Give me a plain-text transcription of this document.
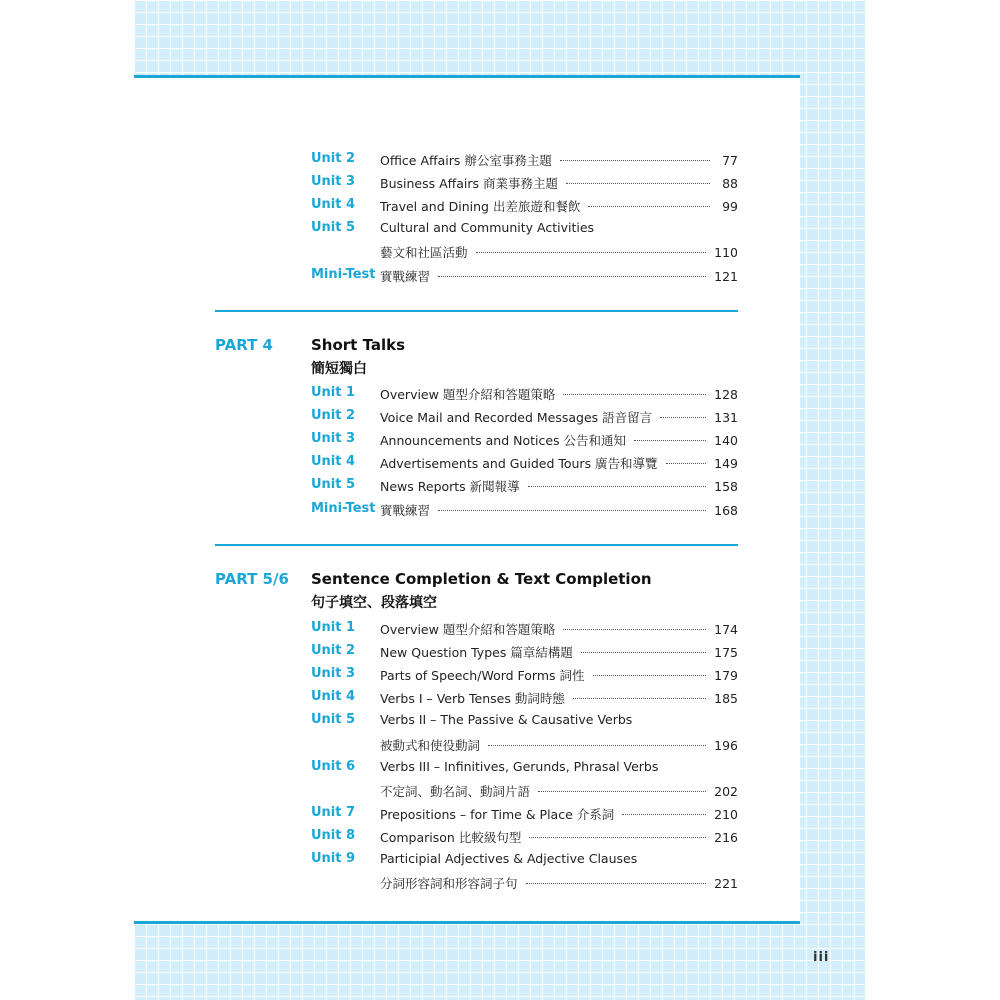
iii
Unit 2 Office Affairs 辦公室事務主題	77
Unit 3 Business Affairs 商業事務主題	88
Unit 4 Travel and Dining 出差旅遊和餐飲	99
Unit 5 Cultural and Community Activities
藝文和社區活動	110
Mini-Test 實戰練習	121
PART 4	Short Talks
簡短獨白
Unit 1 Overview 題型介紹和答題策略	128
Unit 2 Voice Mail and Recorded Messages 語音留言	131
Unit 3 Announcements and Notices 公告和通知	140
Unit 4 Advertisements and Guided Tours 廣告和導覽	149
Unit 5 News Reports 新聞報導	158
Mini-Test 實戰練習	168
PART 5/6 Sentence Completion & Text Completion
句子填空、段落填空
Unit 1 Overview 題型介紹和答題策略	174
Unit 2 New Question Types 篇章結構題	175
Unit 3 Parts of Speech/Word Forms 詞性	179
Unit 4 Verbs I – Verb Tenses 動詞時態	185
Unit 5 Verbs II – The Passive & Causative Verbs
被動式和使役動詞	196
Unit 6 Verbs III – Infinitives, Gerunds, Phrasal Verbs
不定詞、動名詞、動詞片語	202
Unit 7 Prepositions – for Time & Place 介系詞	210
Unit 8 Comparison 比較級句型	216
Unit 9 Participial Adjectives & Adjective Clauses
分詞形容詞和形容詞子句	221
